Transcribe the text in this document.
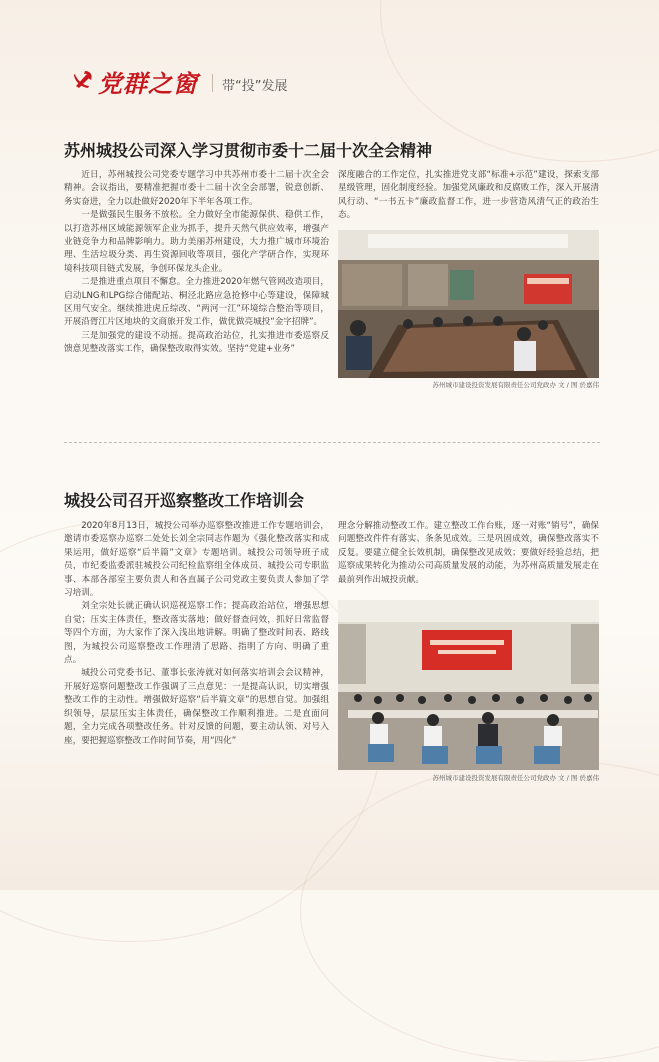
党群之窗 带“投”发展
苏州城投公司深入学习贯彻市委十二届十次全会精神

近日，苏州城投公司党委专题学习中共苏州市委十二届十次全会精神。会议指出，要精准把握市委十二届十次全会部署，锐意创新、务实奋进，全力以赴做好2020年下半年各项工作。

一是做强民生服务不放松。全力做好全市能源保供、稳供工作，以打造苏州区域能源领军企业为抓手，提升天然气供应效率，增强产业链竞争力和品牌影响力。助力美丽苏州建设，大力推广城市环境治理、生活垃圾分类、再生资源回收等项目，强化产学研合作，实现环境科技项目链式发展，争创环保龙头企业。

二是推进重点项目不懈怠。全力推进2020年燃气管网改造项目，启动LNG和LPG综合储配站、桐泾北路应急抢修中心等建设，保障城区用气安全。继续推进虎丘综改、“两河一江”环境综合整治等项目，开展沿胥江片区地块的文商旅开发工作，做优做亮城投“金字招牌”。

三是加强党的建设不动摇。提高政治站位，扎实推进市委巡察反馈意见整改落实工作，确保整改取得实效。坚持“党建+业务”

深度融合的工作定位，扎实推进党支部“标准+示范”建设，探索支部星级管理，固化制度经验。加强党风廉政和反腐败工作，深入开展清风行动、“一书五卡”廉政监督工作，进一步营造风清气正的政治生态。

苏州城市建设投资发展有限责任公司党政办 文 / 图 於嘉伟
城投公司召开巡察整改工作培训会

2020年8月13日，城投公司举办巡察整改推进工作专题培训会，邀请市委巡察办巡察二处处长刘全宗同志作题为《强化整改落实和成果运用，做好巡察“后半篇”文章》专题培训。城投公司领导班子成员，市纪委监委派驻城投公司纪检监察组全体成员、城投公司专职监事、本部各部室主要负责人和各直属子公司党政主要负责人参加了学习培训。

刘全宗处长就正确认识巡视巡察工作；提高政治站位，增强思想自觉；压实主体责任，整改落实落地；做好督查问效，抓好日常监督等四个方面，为大家作了深入浅出地讲解。明确了整改时间表、路线图，为城投公司巡察整改工作理清了思路、指明了方向、明确了重点。

城投公司党委书记、董事长张涛就对如何落实培训会会议精神，开展好巡察问题整改工作强调了三点意见：一是提高认识，切实增强整改工作的主动性。增强做好巡察“后半篇文章”的思想自觉。加强组织领导，层层压实主体责任，确保整改工作顺利推进。二是直面问题，全力完成各项整改任务。针对反馈的问题，要主动认领、对号入座，要把握巡察整改工作时间节奏，用“四化”

理念分解推动整改工作。建立整改工作台账，逐一对账“销号”，确保问题整改件件有落实、条条见成效。三是巩固成效，确保整改落实不反复。要建立健全长效机制，确保整改见成效；要做好经验总结，把巡察成果转化为推动公司高质量发展的动能，为苏州高质量发展走在最前列作出城投贡献。

苏州城市建设投资发展有限责任公司党政办 文 / 图 於嘉伟
